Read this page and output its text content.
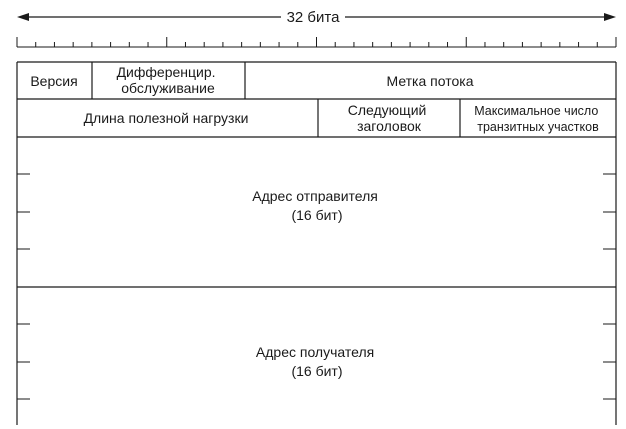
32 бита
Версия
Дифференцир. обслуживание	Метка потока
Длина полезной нагрузки	Следующий заголовок
Максимальное число транзитных участков
Адрес отправителя (16 бит)
Адрес получателя (16 бит)
